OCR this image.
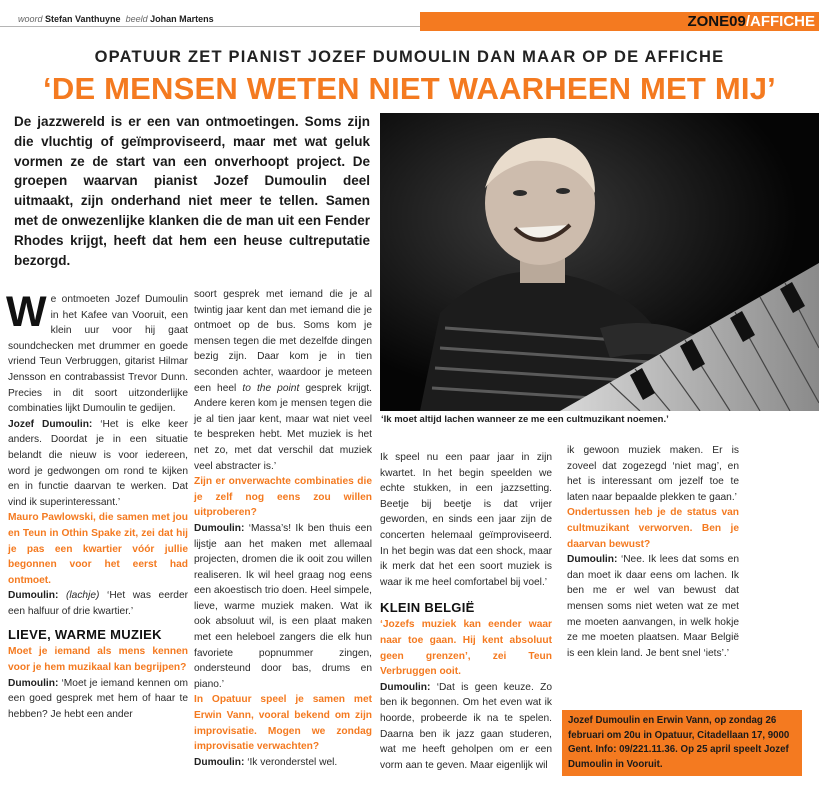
woord Stefan Vanthuyne beeld Johan Martens	ZONE09/AFFICHE
OPATUUR ZET PIANIST JOZEF DUMOULIN DAN MAAR OP DE AFFICHE
‘DE MENSEN WETEN NIET WAARHEEN MET MIJ’
De jazzwereld is er een van ontmoetingen. Soms zijn die vluchtig of geïmproviseerd, maar met wat geluk vormen ze de start van een onverhoopt project. De groepen waarvan pianist Jozef Dumoulin deel uitmaakt, zijn onderhand niet meer te tellen. Samen met de onwezenlijke klanken die de man uit een Fender Rhodes krijgt, heeft dat hem een heuse cultreputatie bezorgd.
‘Ik moet altijd lachen wanneer ze me een cultmuzikant noemen.’

We ontmoeten Jozef Dumoulin in het Kafee van Vooruit, een klein uur voor hij gaat soundchecken met drummer en goede vriend Teun Verbruggen, gitarist Hilmar Jensson en contrabassist Trevor Dunn. Precies in dit soort uitzonderlijke combinaties lijkt Dumoulin te gedijen.

Jozef Dumoulin: ‘Het is elke keer anders. Doordat je in een situatie belandt die nieuw is voor iedereen, word je gedwongen om rond te kijken en in functie daarvan te werken. Dat vind ik superinteressant.’

Mauro Pawlowski, die samen met jou en Teun in Othin Spake zit, zei dat hij je pas een kwartier vóór jullie begonnen voor het eerst had ontmoet.

Dumoulin: (lachje) ‘Het was eerder een halfuur of drie kwartier.’

LIEVE, WARME MUZIEK

Moet je iemand als mens kennen voor je hem muzikaal kan begrijpen?

Dumoulin: ‘Moet je iemand kennen om een goed gesprek met hem of haar te hebben? Je hebt een ander

soort gesprek met iemand die je al twintig jaar kent dan met iemand die je ontmoet op de bus. Soms kom je mensen tegen die met dezelfde dingen bezig zijn. Daar kom je in tien seconden achter, waardoor je meteen een heel to the point gesprek krijgt. Andere keren kom je mensen tegen die je al tien jaar kent, maar wat niet veel te bespreken hebt. Met muziek is het net zo, met dat verschil dat muziek veel abstracter is.’

Zijn er onverwachte combinaties die je zelf nog eens zou willen uitproberen?

Dumoulin: ‘Massa’s! Ik ben thuis een lijstje aan het maken met allemaal projecten, dromen die ik ooit zou willen realiseren. Ik wil heel graag nog eens een akoestisch trio doen. Heel simpele, lieve, warme muziek maken. Wat ik ook absoluut wil, is een plaat maken met een heleboel zangers die elk hun favoriete popnummer zingen, ondersteund door bas, drums en piano.’

In Opatuur speel je samen met Erwin Vann, vooral bekend om zijn improvisatie. Mogen we zondag improvisatie verwachten?

Dumoulin: ‘Ik veronderstel wel.

Ik speel nu een paar jaar in zijn kwartet. In het begin speelden we echte stukken, in een jazzsetting. Beetje bij beetje is dat vrijer geworden, en sinds een jaar zijn de concerten helemaal geïmproviseerd. In het begin was dat een shock, maar ik merk dat het een soort muziek is waar ik me heel comfortabel bij voel.’

KLEIN BELGIË

‘Jozefs muziek kan eender waar naar toe gaan. Hij kent absoluut geen grenzen’, zei Teun Verbruggen ooit.

Dumoulin: ‘Dat is geen keuze. Zo ben ik begonnen. Om het even wat ik hoorde, probeerde ik na te spelen. Daarna ben ik jazz gaan studeren, wat me heeft geholpen om er een vorm aan te geven. Maar eigenlijk wil

ik gewoon muziek maken. Er is zoveel dat zogezegd ‘niet mag’, en het is interessant om jezelf toe te laten naar bepaalde plekken te gaan.’

Ondertussen heb je de status van cultmuzikant verworven. Ben je daarvan bewust?

Dumoulin: ‘Nee. Ik lees dat soms en dan moet ik daar eens om lachen. Ik ben me er wel van bewust dat mensen soms niet weten wat ze met me moeten aanvangen, in welk hokje ze me moeten plaatsen. Maar België is een klein land. Je bent snel ‘iets’.’

Jozef Dumoulin en Erwin Vann, op zondag 26 februari om 20u in Opatuur, Citadellaan 17, 9000 Gent. Info: 09/221.11.36. Op 25 april speelt Jozef Dumoulin in Vooruit.
